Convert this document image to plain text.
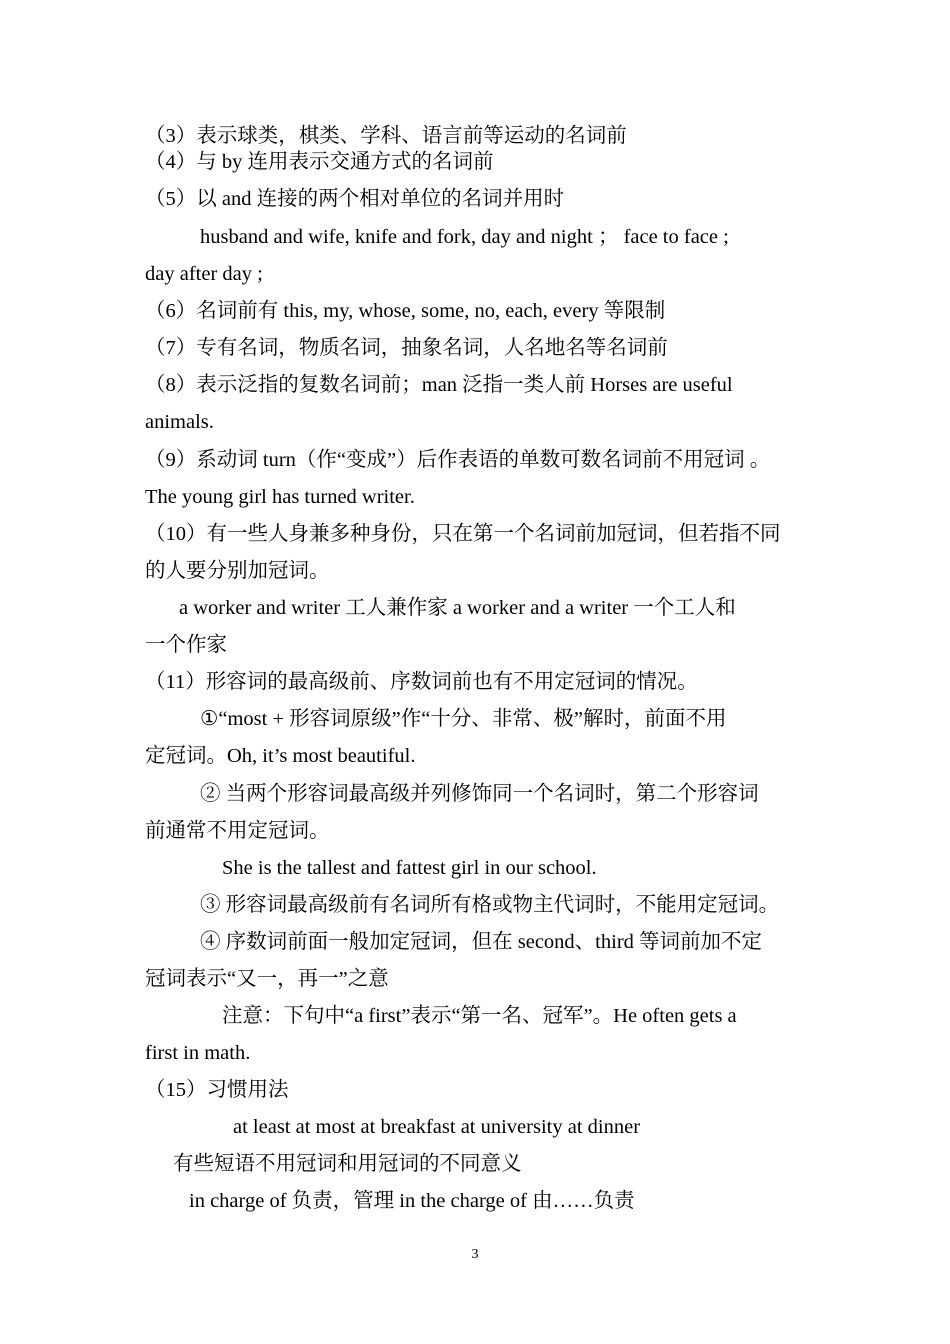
（3）表示球类，棋类、学科、语言前等运动的名词前
（4）与 by 连用表示交通方式的名词前
（5）以 and 连接的两个相对单位的名词并用时
husband and wife, knife and fork, day and night ； face to face ;
day after day ;
（6）名词前有 this, my, whose, some, no, each, every 等限制
（7）专有名词，物质名词，抽象名词，人名地名等名词前
（8）表示泛指的复数名词前；man 泛指一类人前 Horses are useful
animals.
（9）系动词 turn（作“变成”）后作表语的单数可数名词前不用冠词 。
The young girl has turned writer.
（10）有一些人身兼多种身份，只在第一个名词前加冠词，但若指不同
的人要分别加冠词。
a worker and writer 工人兼作家 a worker and a writer 一个工人和
一个作家
（11）形容词的最高级前、序数词前也有不用定冠词的情况。
①“most + 形容词原级”作“十分、非常、极”解时，前面不用
定冠词。Oh, it’s most beautiful.
② 当两个形容词最高级并列修饰同一个名词时，第二个形容词
前通常不用定冠词。
She is the tallest and fattest girl in our school.
③ 形容词最高级前有名词所有格或物主代词时，不能用定冠词。
④ 序数词前面一般加定冠词，但在 second、third 等词前加不定
冠词表示“又一，再一”之意
注意：下句中“a first”表示“第一名、冠军”。He often gets a
first in math.
（15）习惯用法
at least at most at breakfast at university at dinner
有些短语不用冠词和用冠词的不同意义
in charge of 负责，管理 in the charge of 由……负责
3
